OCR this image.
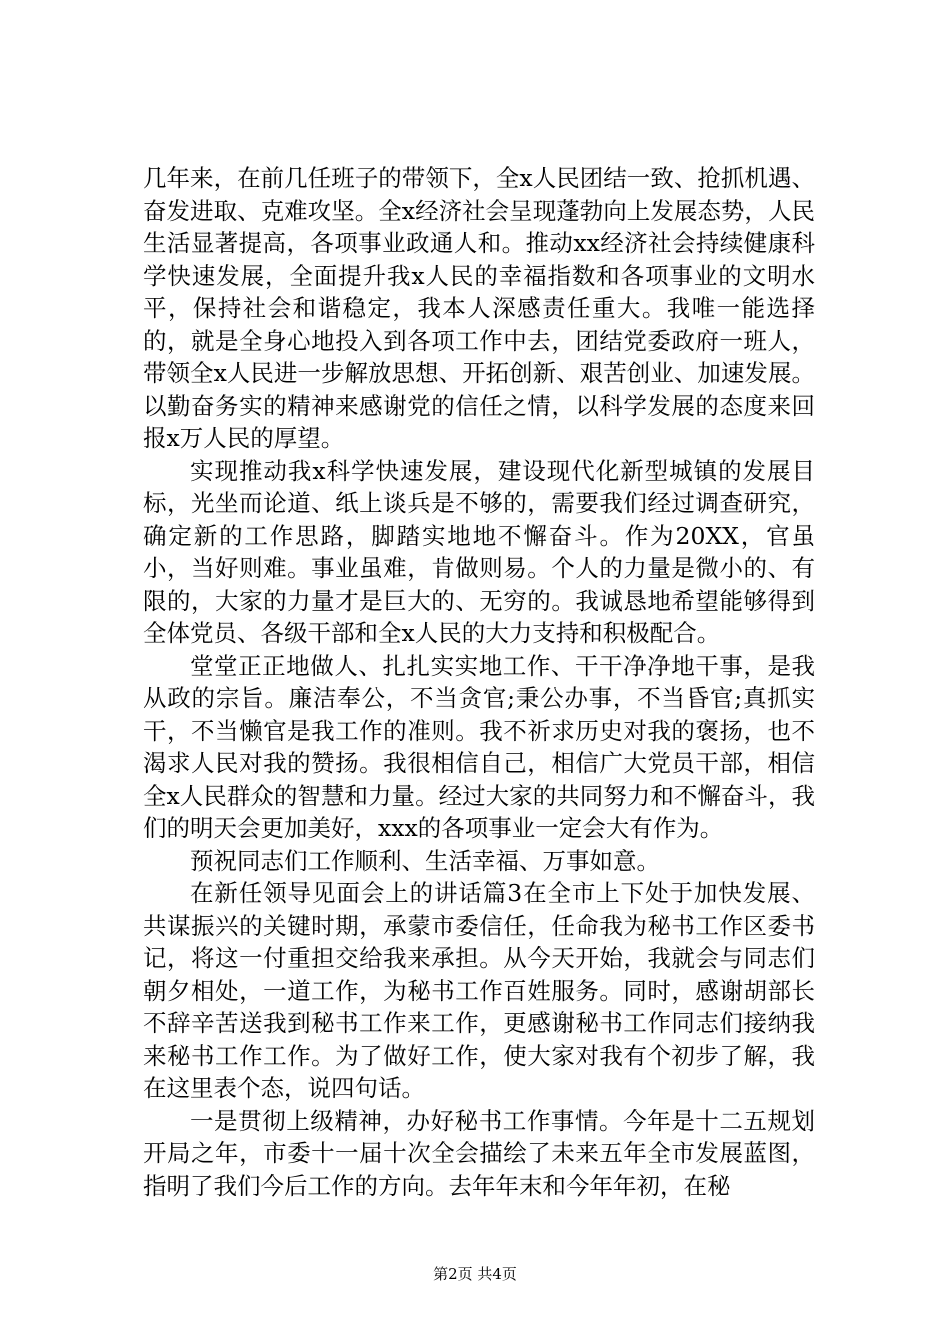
几年来，在前几任班子的带领下，全x人民团结一致、抢抓机遇、奋发进取、克难攻坚。全x经济社会呈现蓬勃向上发展态势，人民生活显著提高，各项事业政通人和。推动xx经济社会持续健康科学快速发展，全面提升我x人民的幸福指数和各项事业的文明水平，保持社会和谐稳定，我本人深感责任重大。我唯一能选择的，就是全身心地投入到各项工作中去，团结党委政府一班人，带领全x人民进一步解放思想、开拓创新、艰苦创业、加速发展。以勤奋务实的精神来感谢党的信任之情，以科学发展的态度来回报x万人民的厚望。

实现推动我x科学快速发展，建设现代化新型城镇的发展目标，光坐而论道、纸上谈兵是不够的，需要我们经过调查研究，确定新的工作思路，脚踏实地地不懈奋斗。作为20XX，官虽小，当好则难。事业虽难，肯做则易。个人的力量是微小的、有限的，大家的力量才是巨大的、无穷的。我诚恳地希望能够得到全体党员、各级干部和全x人民的大力支持和积极配合。

堂堂正正地做人、扎扎实实地工作、干干净净地干事，是我从政的宗旨。廉洁奉公，不当贪官;秉公办事，不当昏官;真抓实干，不当懒官是我工作的准则。我不祈求历史对我的褒扬，也不渴求人民对我的赞扬。我很相信自己，相信广大党员干部，相信全x人民群众的智慧和力量。经过大家的共同努力和不懈奋斗，我们的明天会更加美好，xxx的各项事业一定会大有作为。

预祝同志们工作顺利、生活幸福、万事如意。

在新任领导见面会上的讲话篇3在全市上下处于加快发展、共谋振兴的关键时期，承蒙市委信任，任命我为秘书工作区委书记，将这一付重担交给我来承担。从今天开始，我就会与同志们朝夕相处，一道工作，为秘书工作百姓服务。同时，感谢胡部长不辞辛苦送我到秘书工作来工作，更感谢秘书工作同志们接纳我来秘书工作工作。为了做好工作，使大家对我有个初步了解，我在这里表个态，说四句话。

一是贯彻上级精神，办好秘书工作事情。今年是十二五规划开局之年，市委十一届十次全会描绘了未来五年全市发展蓝图，指明了我们今后工作的方向。去年年末和今年年初，在秘

第2页 共4页
